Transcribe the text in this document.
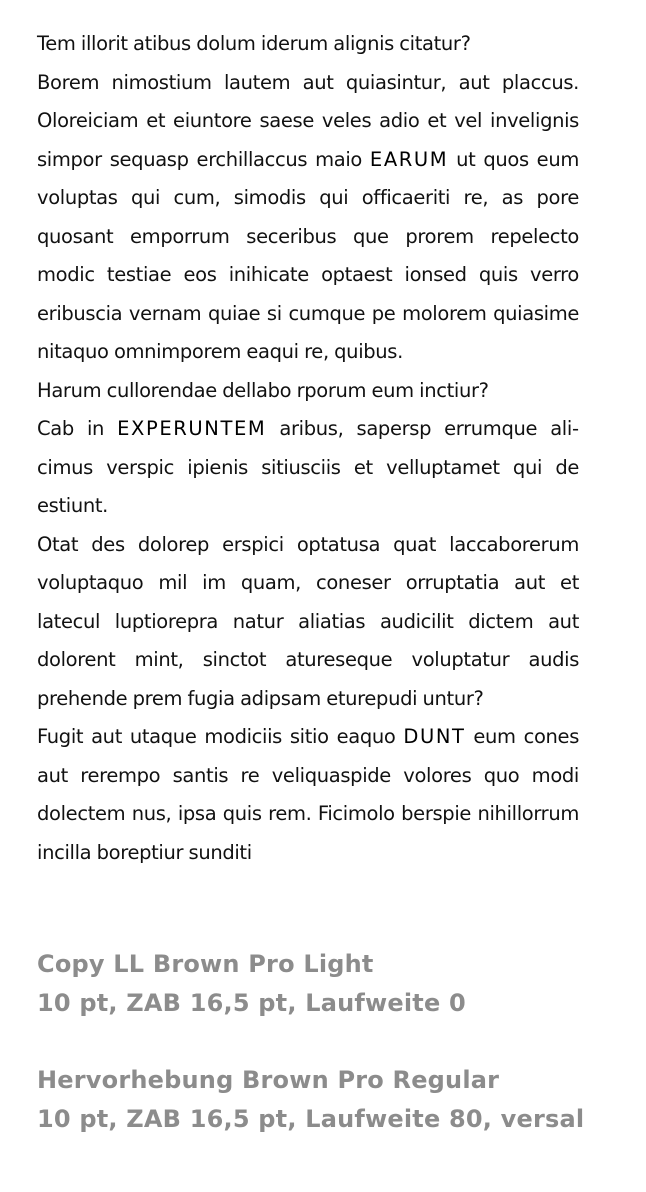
Tem illorit atibus dolum iderum alignis citatur?

Borem nimostium lautem aut quiasintur, aut placcus. Oloreiciam et eiuntore saese veles adio et vel invelignis simpor sequasp erchillaccus maio EARUM ut quos eum voluptas qui cum, simodis qui officaeriti re, as pore quosant emporrum seceribus que prorem repelecto modic testiae eos inihicate optaest ionsed quis verro eribuscia vernam quiae si cumque pe molorem quiasime nitaquo omnimporem eaqui re, quibus.

Harum cullorendae dellabo rporum eum inctiur?

Cab in EXPERUNTEM aribus, sapersp errumque alicimus verspic ipienis sitiusciis et velluptamet qui de estiunt.

Otat des dolorep erspici optatusa quat laccaborerum voluptaquo mil im quam, coneser orruptatia aut et latecul luptiorepra natur aliatias audicilit dictem aut dolorent mint, sinctot atureseque voluptatur audis prehende prem fugia adipsam eturepudi untur?

Fugit aut utaque modiciis sitio eaquo DUNT eum cones aut rerempo santis re veliquaspide volores quo modi dolectem nus, ipsa quis rem. Ficimolo berspie nihillorrum incilla boreptiur sunditi

Copy LL Brown Pro Light
10 pt, ZAB 16,5 pt, Laufweite 0
Hervorhebung Brown Pro Regular
10 pt, ZAB 16,5 pt, Laufweite 80, versal
